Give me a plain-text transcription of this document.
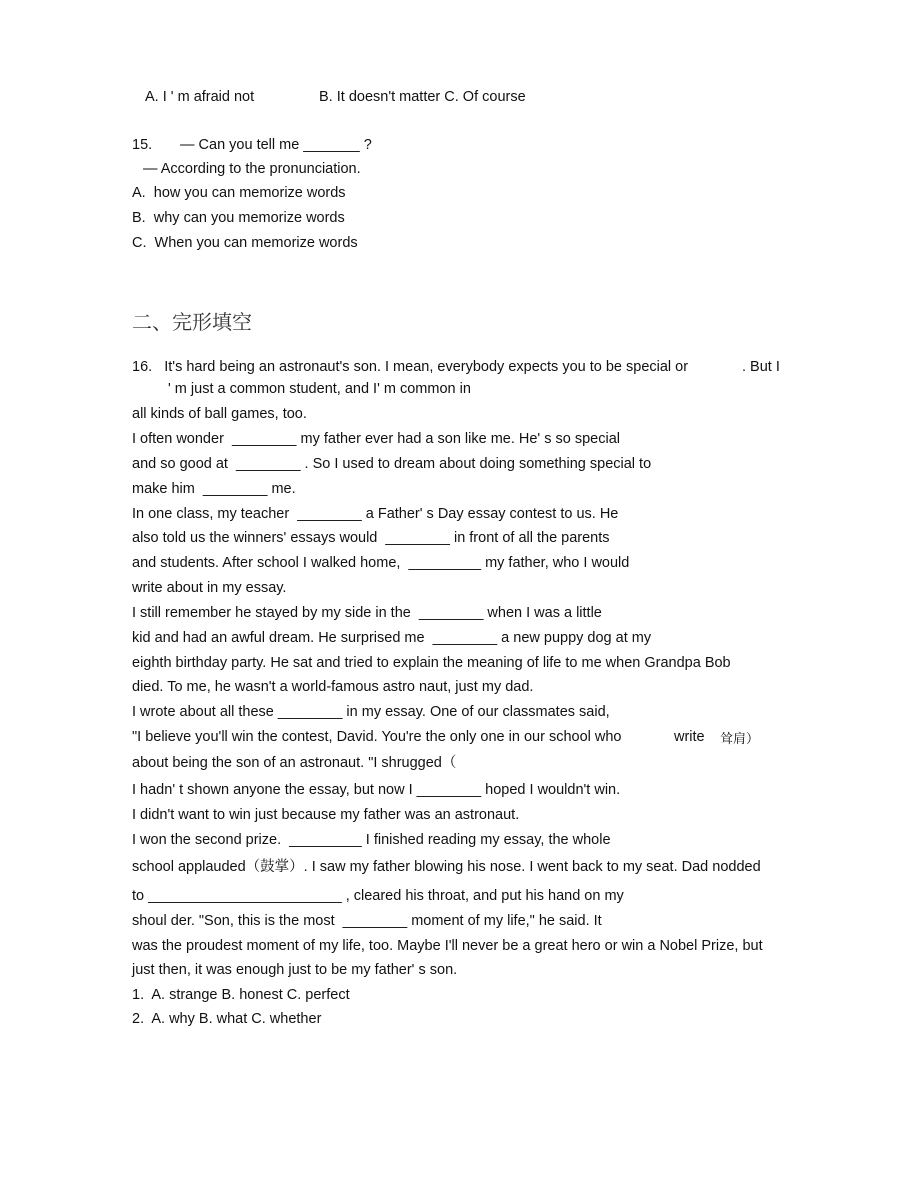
A. I ' m afraid not	B. It doesn't matter C. Of course
15. — Can you tell me _______ ?
— According to the pronunciation.
A.  how you can memorize words
B.  why can you memorize words
C.  When you can memorize words
二、完形填空
16.   It's hard being an astronaut's son. I mean, everybody expects you to be special or	. But I
' m just a common student, and I' m common in
all kinds of ball games, too.
I often wonder  ________ my father ever had a son like me. He' s so special
and so good at  ________ . So I used to dream about doing something special to
make him  ________ me.
In one class, my teacher  ________ a Father' s Day essay contest to us. He
also told us the winners' essays would  ________ in front of all the parents
and students. After school I walked home,  _________ my father, who I would
write about in my essay.
I still remember he stayed by my side in the  ________ when I was a little
kid and had an awful dream. He surprised me  ________ a new puppy dog at my
eighth birthday party. He sat and tried to explain the meaning of life to me when Grandpa Bob
died. To me, he wasn't a world-famous astro naut, just my dad.
I wrote about all these ________ in my essay. One of our classmates said,
"I believe you'll win the contest, David. You're the only one in our school who	write 耸肩）
about being the son of an astronaut. "I shrugged（
I hadn' t shown anyone the essay, but now I ________ hoped I wouldn't win.
I didn't want to win just because my father was an astronaut.
I won the second prize.  _________ I finished reading my essay, the whole
school applauded（鼓掌）. I saw my father blowing his nose. I went back to my seat. Dad nodded
to ________________________ , cleared his throat, and put his hand on my
shoul der. "Son, this is the most  ________ moment of my life," he said. It
was the proudest moment of my life, too. Maybe I'll never be a great hero or win a Nobel Prize, but
just then, it was enough just to be my father' s son.
1.  A. strange B. honest C. perfect
2.  A. why B. what C. whether
